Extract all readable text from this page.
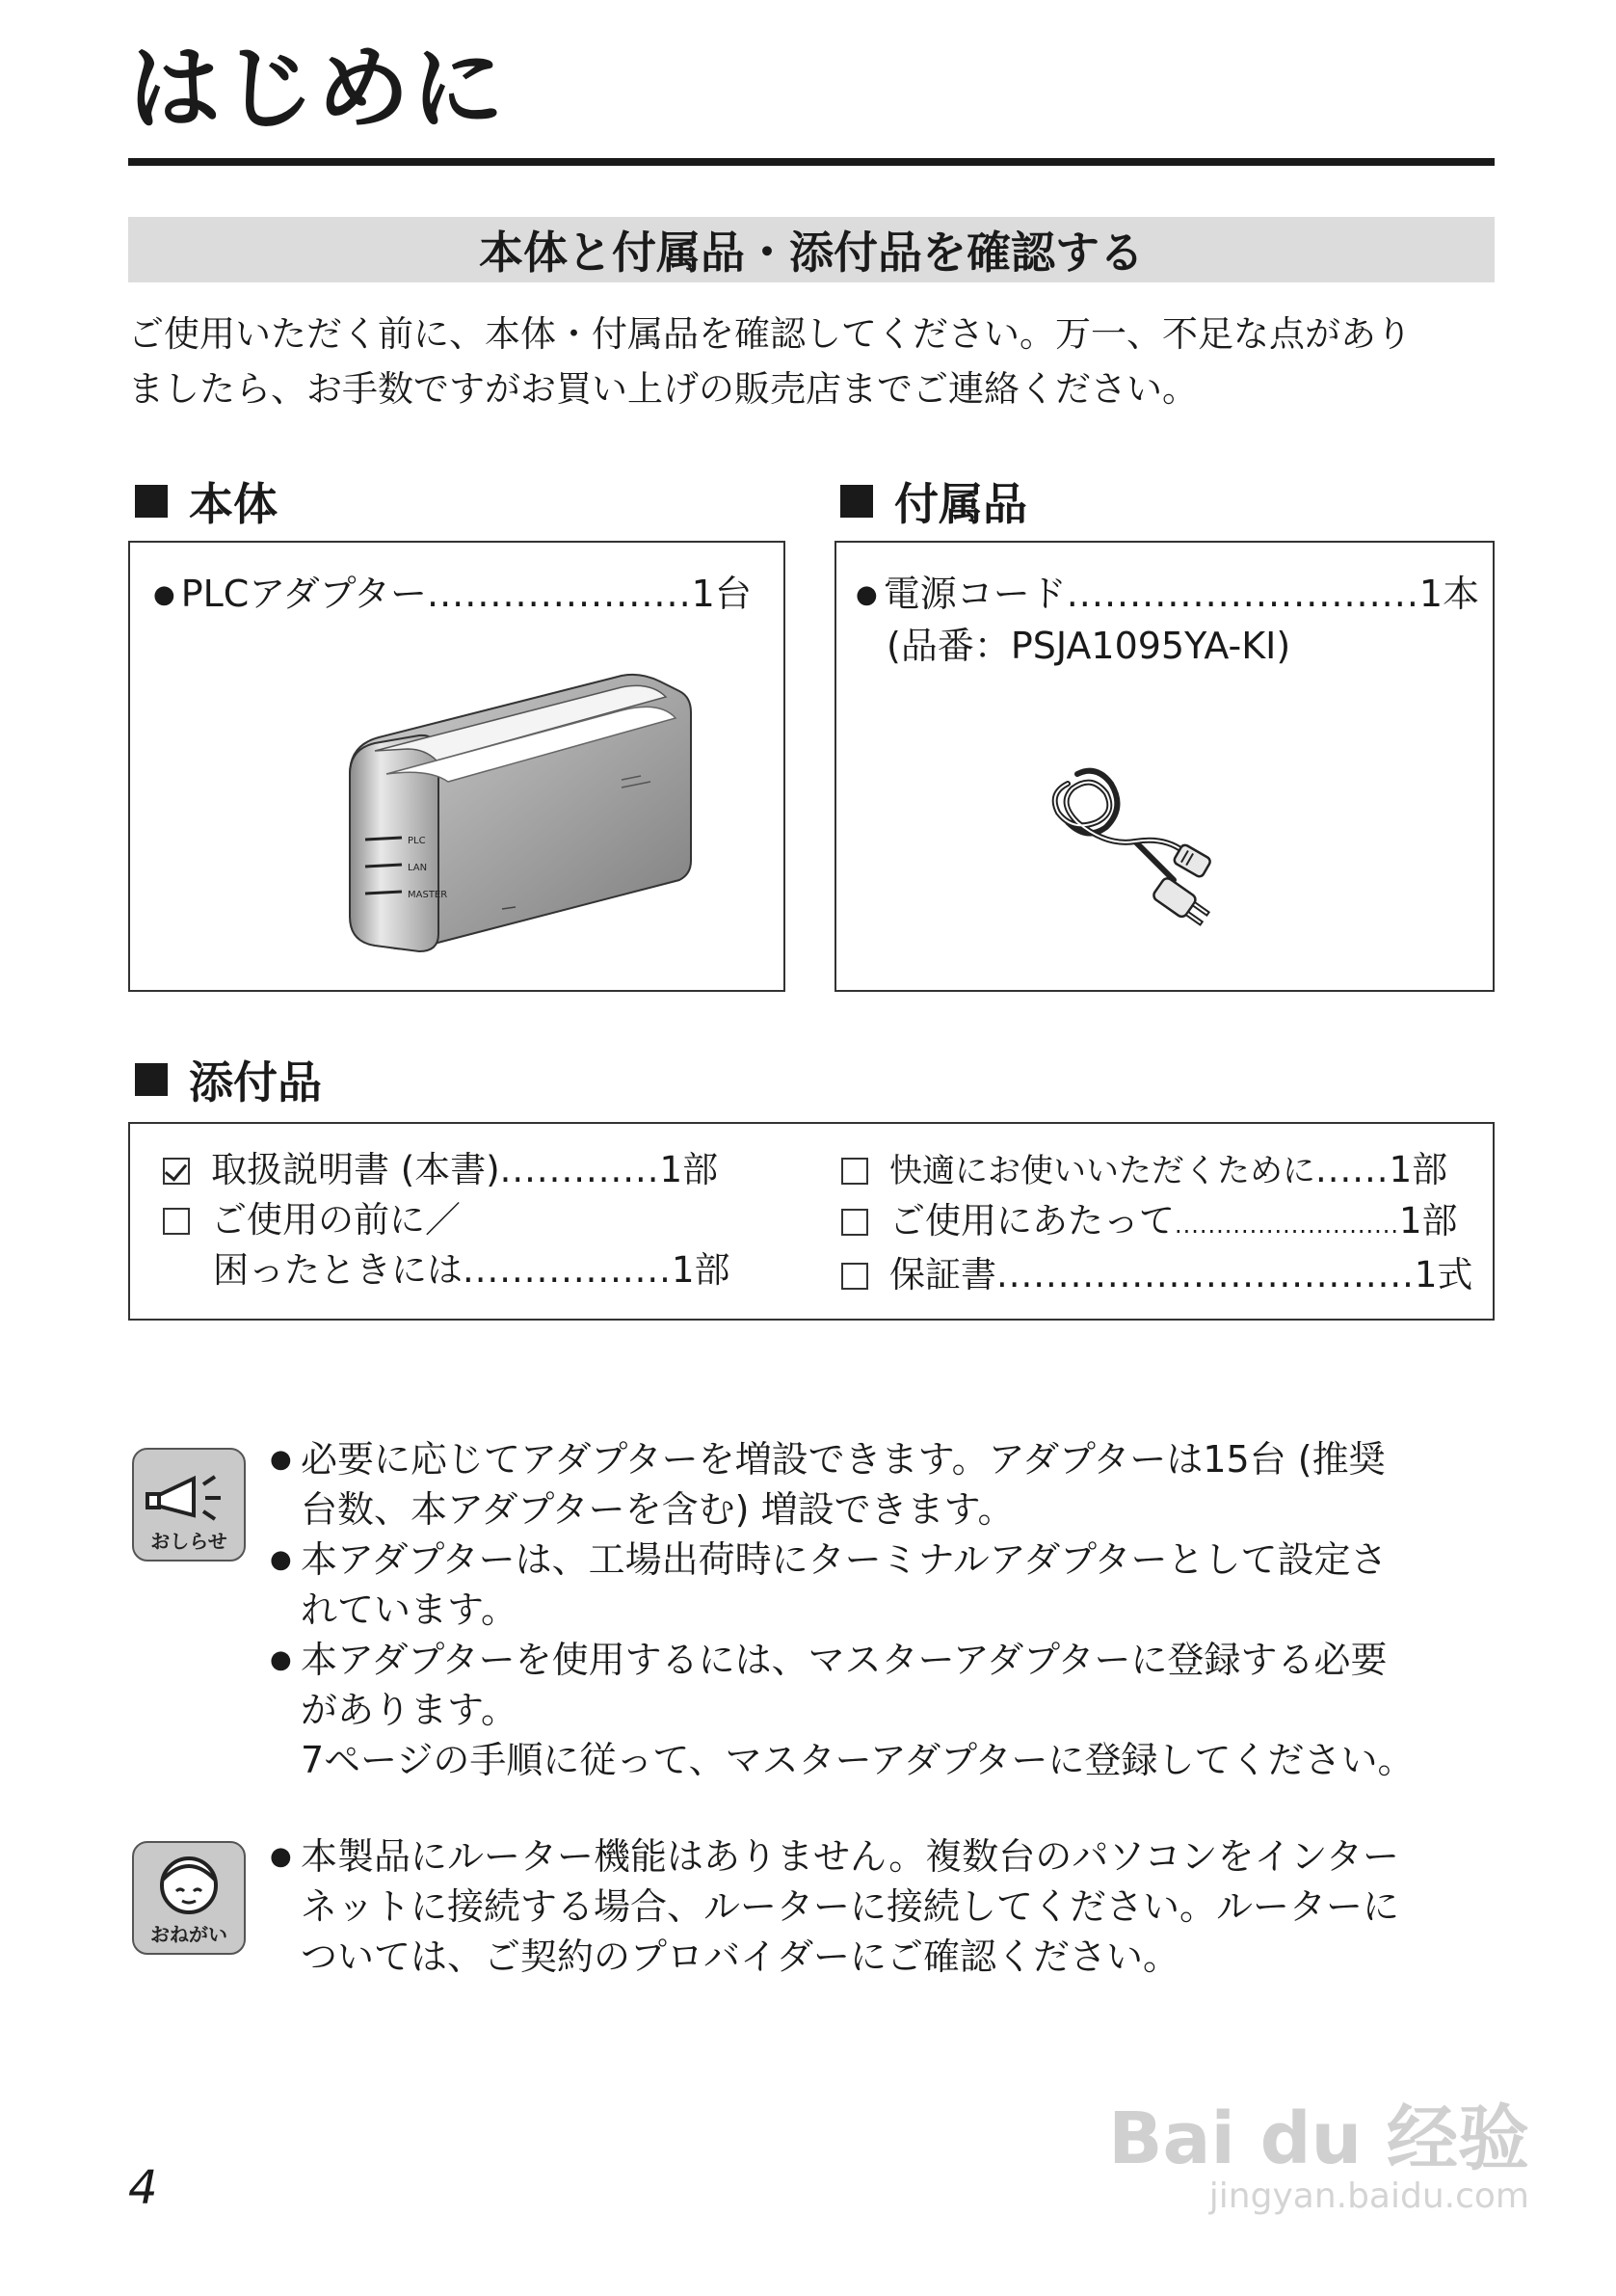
はじめに
本体と付属品・添付品を確認する
ご使用いただく前に、本体・付属品を確認してください。万一、不足な点があり
ましたら、お手数ですがお買い上げの販売店までご連絡ください。
本体	付属品
● PLCアダプター.....................1台
PLC
LAN
MASTER
● 電源コード............................1本
(品番：PSJA1095YA-KI)
添付品
取扱説明書 (本書).............1部
ご使用の前に／
困ったときには.................1部
快適にお使いいただくために......1部
ご使用にあたって...........................1部
保証書..................................1式
おしらせ
● 必要に応じてアダプターを増設できます。アダプターは15台 (推奨
台数、本アダプターを含む) 増設できます。
● 本アダプターは、工場出荷時にターミナルアダプターとして設定さ
れています。
● 本アダプターを使用するには、マスターアダプターに登録する必要
があります。
7ページの手順に従って、マスターアダプターに登録してください。
おねがい
● 本製品にルーター機能はありません。複数台のパソコンをインター
ネットに接続する場合、ルーターに接続してください。ルーターに
ついては、ご契約のプロバイダーにご確認ください。
4
Bai du 经验
jingyan.baidu.com
